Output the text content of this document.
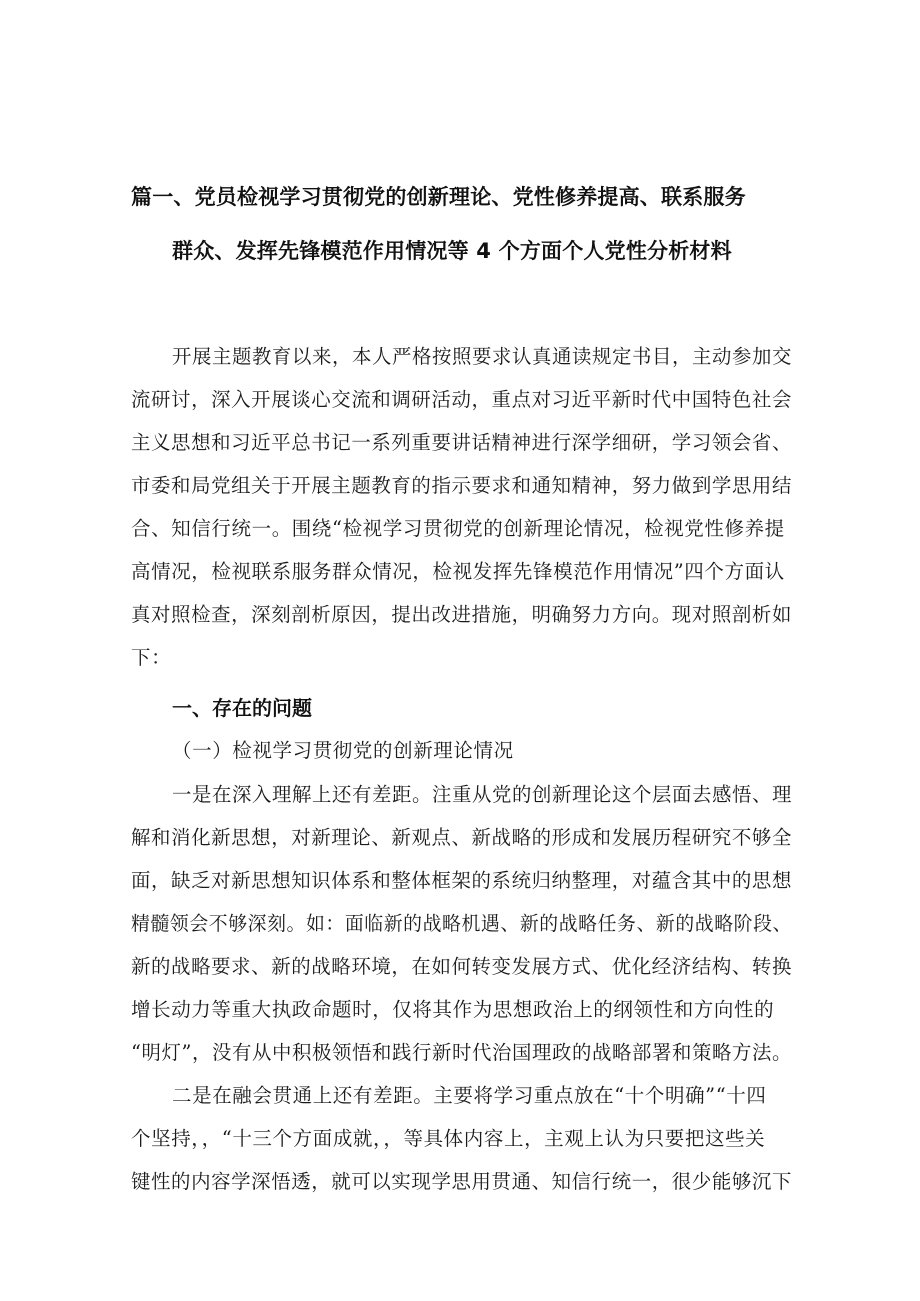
篇一、党员检视学习贯彻党的创新理论、党性修养提高、联系服务
群众、发挥先锋模范作用情况等 4 个方面个人党性分析材料
开展主题教育以来，本人严格按照要求认真通读规定书目，主动参加交
流研讨，深入开展谈心交流和调研活动，重点对习近平新时代中国特色社会
主义思想和习近平总书记一系列重要讲话精神进行深学细研，学习领会省、
市委和局党组关于开展主题教育的指示要求和通知精神，努力做到学思用结
合、知信行统一。围绕“检视学习贯彻党的创新理论情况，检视党性修养提
高情况，检视联系服务群众情况，检视发挥先锋模范作用情况”四个方面认
真对照检查，深刻剖析原因，提出改进措施，明确努力方向。现对照剖析如
下：
一、存在的问题
（一）检视学习贯彻党的创新理论情况
一是在深入理解上还有差距。注重从党的创新理论这个层面去感悟、理
解和消化新思想，对新理论、新观点、新战略的形成和发展历程研究不够全
面，缺乏对新思想知识体系和整体框架的系统归纳整理，对蕴含其中的思想
精髓领会不够深刻。如：面临新的战略机遇、新的战略任务、新的战略阶段、
新的战略要求、新的战略环境，在如何转变发展方式、优化经济结构、转换
增长动力等重大执政命题时，仅将其作为思想政治上的纲领性和方向性的
“明灯”，没有从中积极领悟和践行新时代治国理政的战略部署和策略方法。
二是在融会贯通上还有差距。主要将学习重点放在“十个明确”“十四
个坚持，，“十三个方面成就，，等具体内容上，主观上认为只要把这些关
键性的内容学深悟透，就可以实现学思用贯通、知信行统一，很少能够沉下
